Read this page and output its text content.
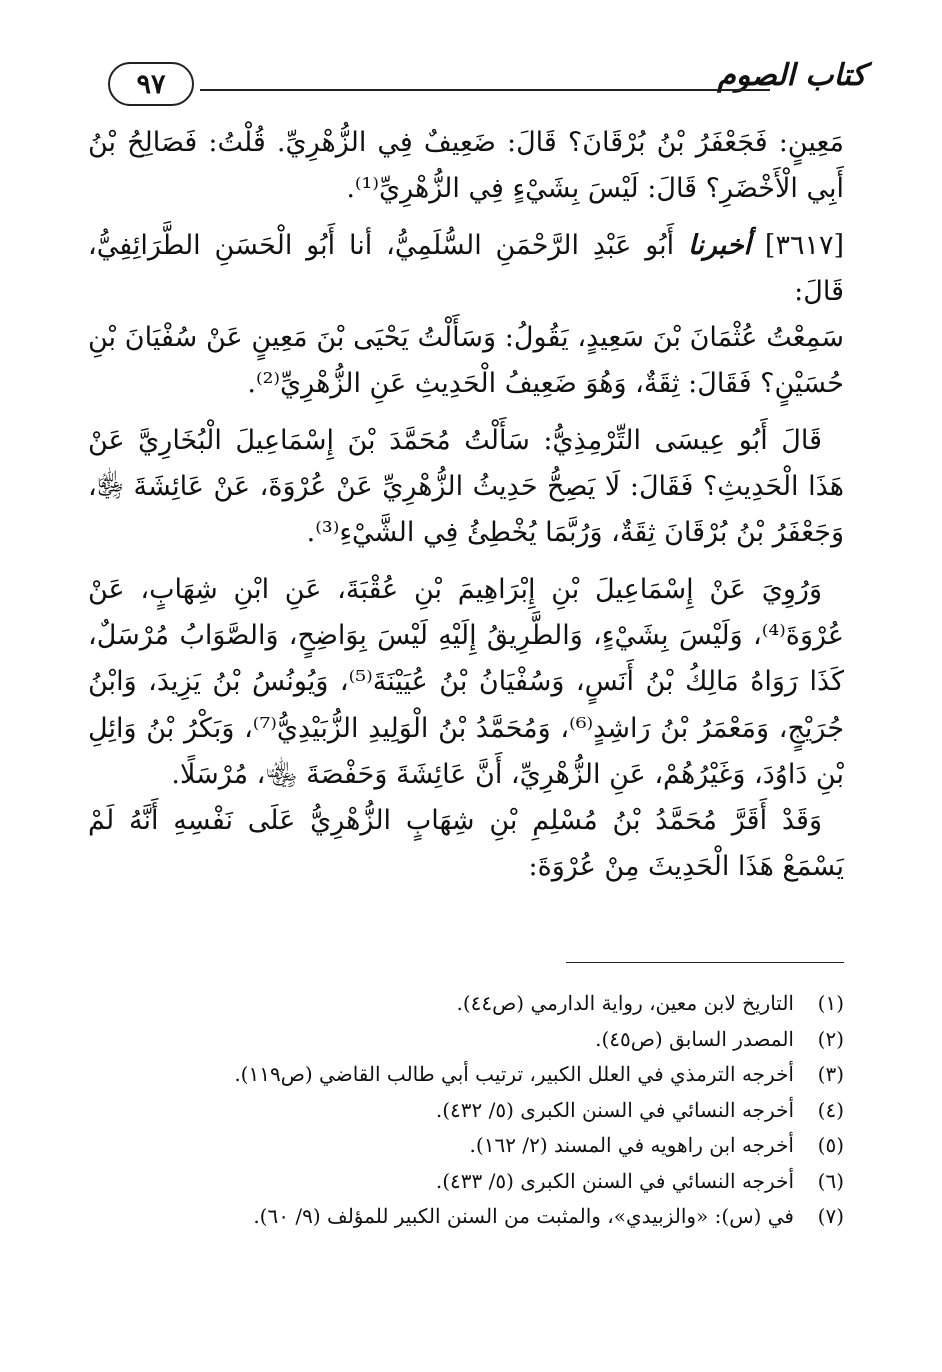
كتاب الصوم
٩٧

مَعِينٍ: فَجَعْفَرُ بْنُ بُرْقَانَ؟ قَالَ: ضَعِيفٌ فِي الزُّهْرِيِّ. قُلْتُ: فَصَالِحُ بْنُ أَبِي الْأَخْضَرِ؟ قَالَ: لَيْسَ بِشَيْءٍ فِي الزُّهْرِيِّ⁽¹⁾.

[٣٦١٧] أخبرنا أَبُو عَبْدِ الرَّحْمَنِ السُّلَمِيُّ، أنا أَبُو الْحَسَنِ الطَّرَائِفِيُّ، قَالَ:

سَمِعْتُ عُثْمَانَ بْنَ سَعِيدٍ، يَقُولُ: وَسَأَلْتُ يَحْيَى بْنَ مَعِينٍ عَنْ سُفْيَانَ بْنِ حُسَيْنٍ؟ فَقَالَ: ثِقَةٌ، وَهُوَ ضَعِيفُ الْحَدِيثِ عَنِ الزُّهْرِيِّ⁽²⁾.

قَالَ أَبُو عِيسَى التِّرْمِذِيُّ: سَأَلْتُ مُحَمَّدَ بْنَ إِسْمَاعِيلَ الْبُخَارِيَّ عَنْ هَذَا الْحَدِيثِ؟ فَقَالَ: لَا يَصِحُّ حَدِيثُ الزُّهْرِيِّ عَنْ عُرْوَةَ، عَنْ عَائِشَةَ ﵂، وَجَعْفَرُ بْنُ بُرْقَانَ ثِقَةٌ، وَرُبَّمَا يُخْطِئُ فِي الشَّيْءِ⁽³⁾.

وَرُوِيَ عَنْ إِسْمَاعِيلَ بْنِ إِبْرَاهِيمَ بْنِ عُقْبَةَ، عَنِ ابْنِ شِهَابٍ، عَنْ عُرْوَةَ⁽⁴⁾، وَلَيْسَ بِشَيْءٍ، وَالطَّرِيقُ إِلَيْهِ لَيْسَ بِوَاضِحٍ، وَالصَّوَابُ مُرْسَلٌ، كَذَا رَوَاهُ مَالِكُ بْنُ أَنَسٍ، وَسُفْيَانُ بْنُ عُيَيْنَةَ⁽⁵⁾، وَيُونُسُ بْنُ يَزِيدَ، وَابْنُ جُرَيْجٍ، وَمَعْمَرُ بْنُ رَاشِدٍ⁽⁶⁾، وَمُحَمَّدُ بْنُ الْوَلِيدِ الزُّبَيْدِيُّ⁽⁷⁾، وَبَكْرُ بْنُ وَائِلِ بْنِ دَاوُدَ، وَغَيْرُهُمْ، عَنِ الزُّهْرِيِّ، أَنَّ عَائِشَةَ وَحَفْصَةَ ﵄، مُرْسَلًا.

وَقَدْ أَقَرَّ مُحَمَّدُ بْنُ مُسْلِمِ بْنِ شِهَابٍ الزُّهْرِيُّ عَلَى نَفْسِهِ أَنَّهُ لَمْ يَسْمَعْ هَذَا الْحَدِيثَ مِنْ عُرْوَةَ:

(١)التاريخ لابن معين، رواية الدارمي (ص٤٤).
(٢)المصدر السابق (ص٤٥).
(٣)أخرجه الترمذي في العلل الكبير، ترتيب أبي طالب القاضي (ص١١٩).
(٤)أخرجه النسائي في السنن الكبرى (٥/ ٤٣٢).
(٥)أخرجه ابن راهويه في المسند (٢/ ١٦٢).
(٦)أخرجه النسائي في السنن الكبرى (٥/ ٤٣٣).
(٧)في (س): «والزبيدي»، والمثبت من السنن الكبير للمؤلف (٩/ ٦٠).
